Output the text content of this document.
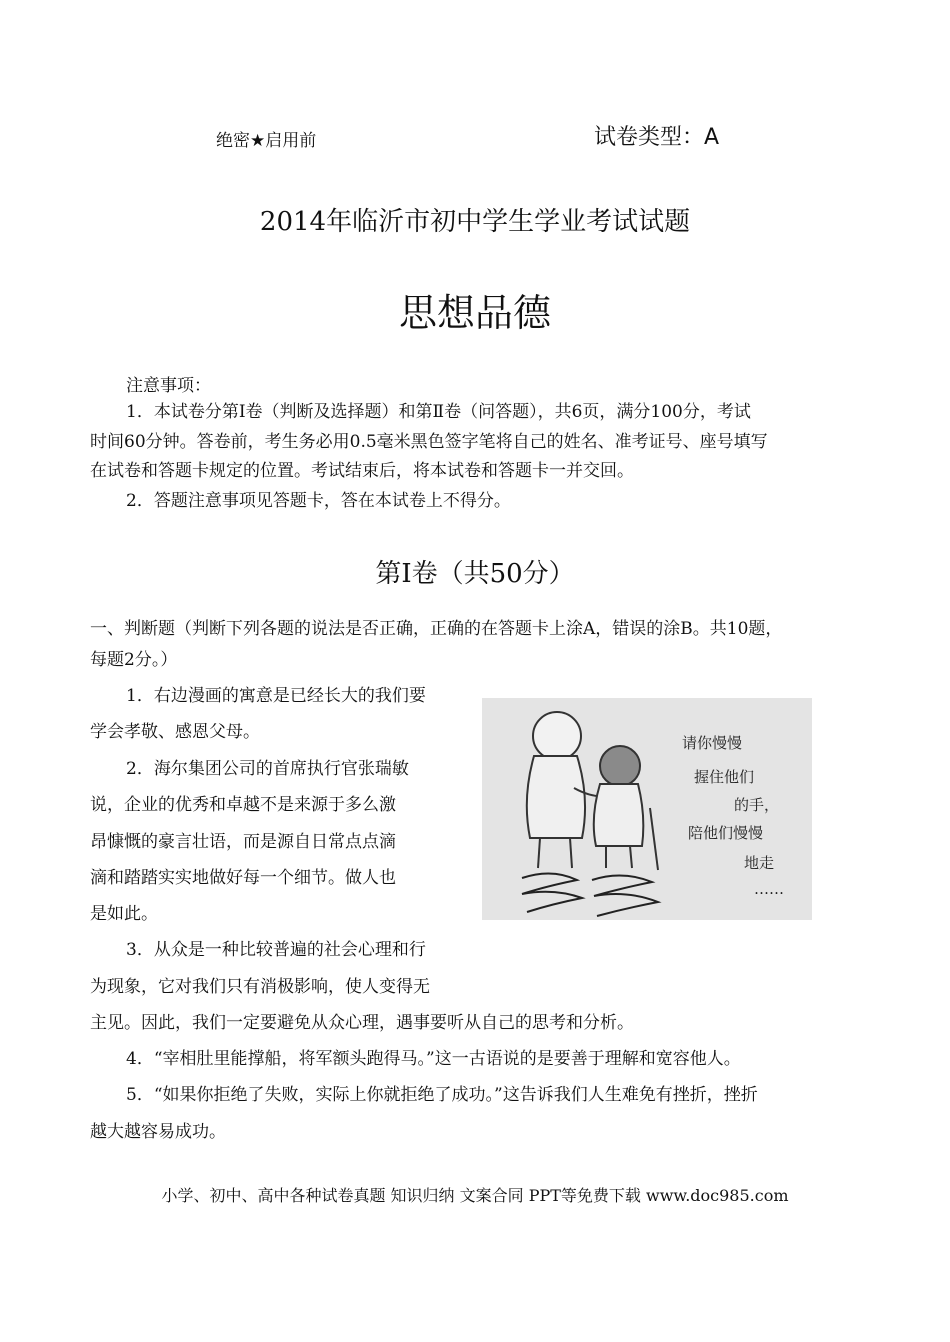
绝密★启用前	试卷类型：A
2014年临沂市初中学生学业考试试题
思想品德
注意事项：
1．本试卷分第Ⅰ卷（判断及选择题）和第Ⅱ卷（问答题），共6页，满分100分，考试
时间60分钟。答卷前，考生务必用0.5毫米黑色签字笔将自己的姓名、准考证号、座号填写
在试卷和答题卡规定的位置。考试结束后，将本试卷和答题卡一并交回。
2．答题注意事项见答题卡，答在本试卷上不得分。
第Ⅰ卷（共50分）
一、判断题（判断下列各题的说法是否正确，正确的在答题卡上涂A，错误的涂B。共10题，
每题2分。）
1．右边漫画的寓意是已经长大的我们要
学会孝敬、感恩父母。
2．海尔集团公司的首席执行官张瑞敏
说，企业的优秀和卓越不是来源于多么激
昂慷慨的豪言壮语，而是源自日常点点滴
滴和踏踏实实地做好每一个细节。做人也
是如此。
3．从众是一种比较普遍的社会心理和行
为现象，它对我们只有消极影响，使人变得无
主见。因此，我们一定要避免从众心理，遇事要听从自己的思考和分析。
4．“宰相肚里能撑船，将军额头跑得马。”这一古语说的是要善于理解和宽容他人。
5．“如果你拒绝了失败，实际上你就拒绝了成功。”这告诉我们人生难免有挫折，挫折
越大越容易成功。
请你慢慢
握住他们
的手，
陪他们慢慢
地走
……
小学、初中、高中各种试卷真题 知识归纳 文案合同 PPT等免费下载 www.doc985.com
